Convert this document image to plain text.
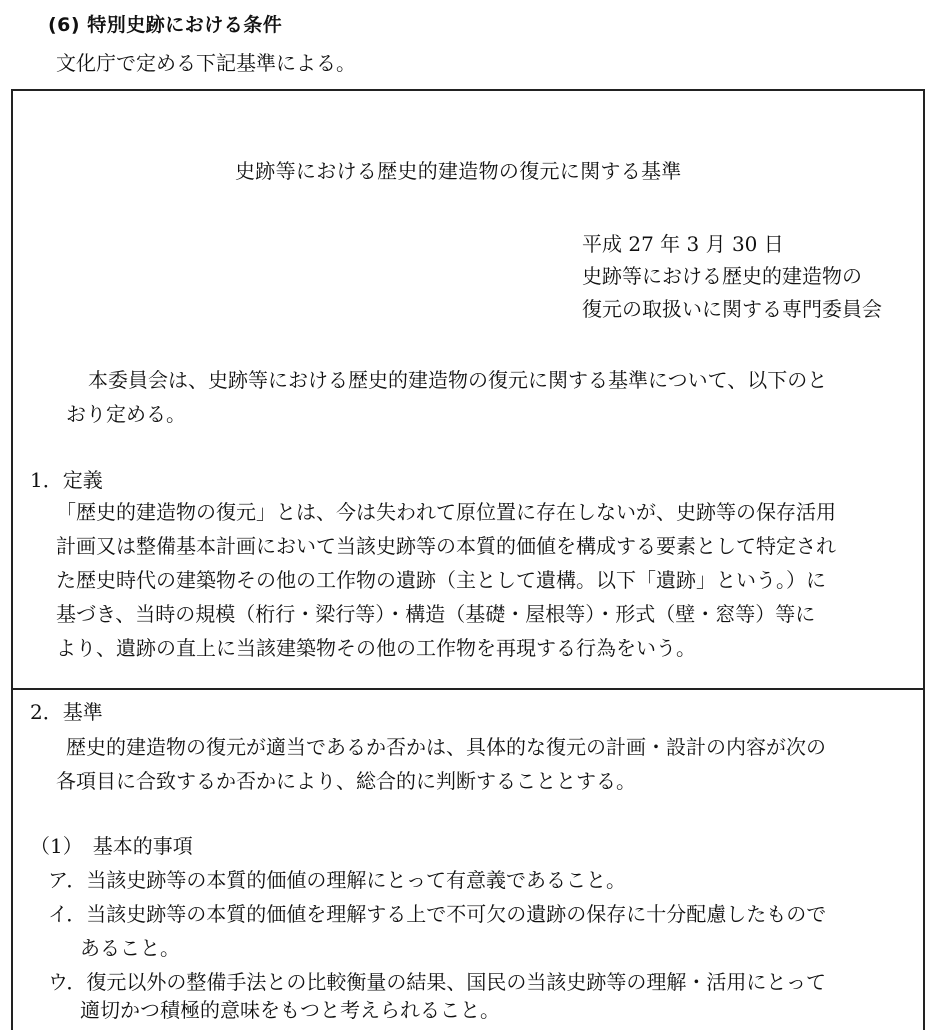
(6) 特別史跡における条件
文化庁で定める下記基準による。
史跡等における歴史的建造物の復元に関する基準
平成 27 年 3 月 30 日
史跡等における歴史的建造物の
復元の取扱いに関する専門委員会
本委員会は、史跡等における歴史的建造物の復元に関する基準について、以下のと
おり定める。
1．定義
「歴史的建造物の復元」とは、今は失われて原位置に存在しないが、史跡等の保存活用
計画又は整備基本計画において当該史跡等の本質的価値を構成する要素として特定され
た歴史時代の建築物その他の工作物の遺跡（主として遺構。以下「遺跡」という。）に
基づき、当時の規模（桁行・梁行等）・構造（基礎・屋根等）・形式（壁・窓等）等に
より、遺跡の直上に当該建築物その他の工作物を再現する行為をいう。
2．基準
歴史的建造物の復元が適当であるか否かは、具体的な復元の計画・設計の内容が次の
各項目に合致するか否かにより、総合的に判断することとする。
（1）　基本的事項
ア．当該史跡等の本質的価値の理解にとって有意義であること。
イ．当該史跡等の本質的価値を理解する上で不可欠の遺跡の保存に十分配慮したもので
あること。
ウ．復元以外の整備手法との比較衡量の結果、国民の当該史跡等の理解・活用にとって
適切かつ積極的意味をもつと考えられること。
